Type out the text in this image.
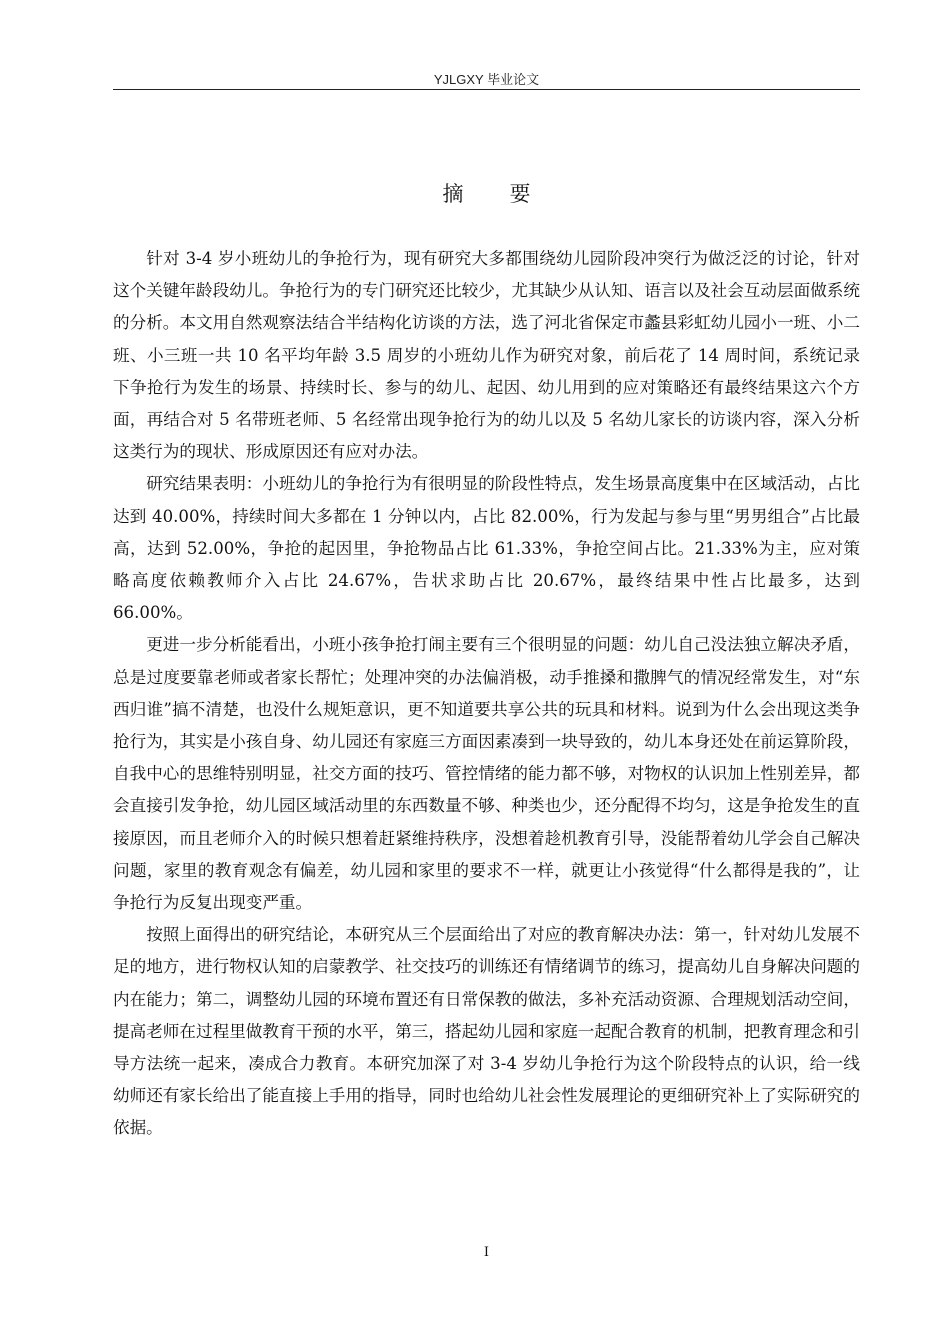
YJLGXY 毕业论文
摘 要

针对 3-4 岁小班幼儿的争抢行为，现有研究大多都围绕幼儿园阶段冲突行为做泛泛的讨论，针对这个关键年龄段幼儿。争抢行为的专门研究还比较少，尤其缺少从认知、语言以及社会互动层面做系统的分析。本文用自然观察法结合半结构化访谈的方法，选了河北省保定市蠡县彩虹幼儿园小一班、小二班、小三班一共 10 名平均年龄 3.5 周岁的小班幼儿作为研究对象，前后花了 14 周时间，系统记录下争抢行为发生的场景、持续时长、参与的幼儿、起因、幼儿用到的应对策略还有最终结果这六个方面，再结合对 5 名带班老师、5 名经常出现争抢行为的幼儿以及 5 名幼儿家长的访谈内容，深入分析这类行为的现状、形成原因还有应对办法。

研究结果表明：小班幼儿的争抢行为有很明显的阶段性特点，发生场景高度集中在区域活动，占比达到 40.00%，持续时间大多都在 1 分钟以内，占比 82.00%，行为发起与参与里“男男组合”占比最高，达到 52.00%，争抢的起因里，争抢物品占比 61.33%，争抢空间占比。21.33%为主，应对策略高度依赖教师介入占比 24.67%，告状求助占比 20.67%，最终结果中性占比最多，达到 66.00%。

更进一步分析能看出，小班小孩争抢打闹主要有三个很明显的问题：幼儿自己没法独立解决矛盾，总是过度要靠老师或者家长帮忙；处理冲突的办法偏消极，动手推搡和撒脾气的情况经常发生，对“东西归谁”搞不清楚，也没什么规矩意识，更不知道要共享公共的玩具和材料。说到为什么会出现这类争抢行为，其实是小孩自身、幼儿园还有家庭三方面因素凑到一块导致的，幼儿本身还处在前运算阶段，自我中心的思维特别明显，社交方面的技巧、管控情绪的能力都不够，对物权的认识加上性别差异，都会直接引发争抢，幼儿园区域活动里的东西数量不够、种类也少，还分配得不均匀，这是争抢发生的直接原因，而且老师介入的时候只想着赶紧维持秩序，没想着趁机教育引导，没能帮着幼儿学会自己解决问题，家里的教育观念有偏差，幼儿园和家里的要求不一样，就更让小孩觉得“什么都得是我的”，让争抢行为反复出现变严重。

按照上面得出的研究结论，本研究从三个层面给出了对应的教育解决办法：第一，针对幼儿发展不足的地方，进行物权认知的启蒙教学、社交技巧的训练还有情绪调节的练习，提高幼儿自身解决问题的内在能力；第二，调整幼儿园的环境布置还有日常保教的做法，多补充活动资源、合理规划活动空间，提高老师在过程里做教育干预的水平，第三，搭起幼儿园和家庭一起配合教育的机制，把教育理念和引导方法统一起来，凑成合力教育。本研究加深了对 3-4 岁幼儿争抢行为这个阶段特点的认识，给一线幼师还有家长给出了能直接上手用的指导，同时也给幼儿社会性发展理论的更细研究补上了实际研究的依据。

I
